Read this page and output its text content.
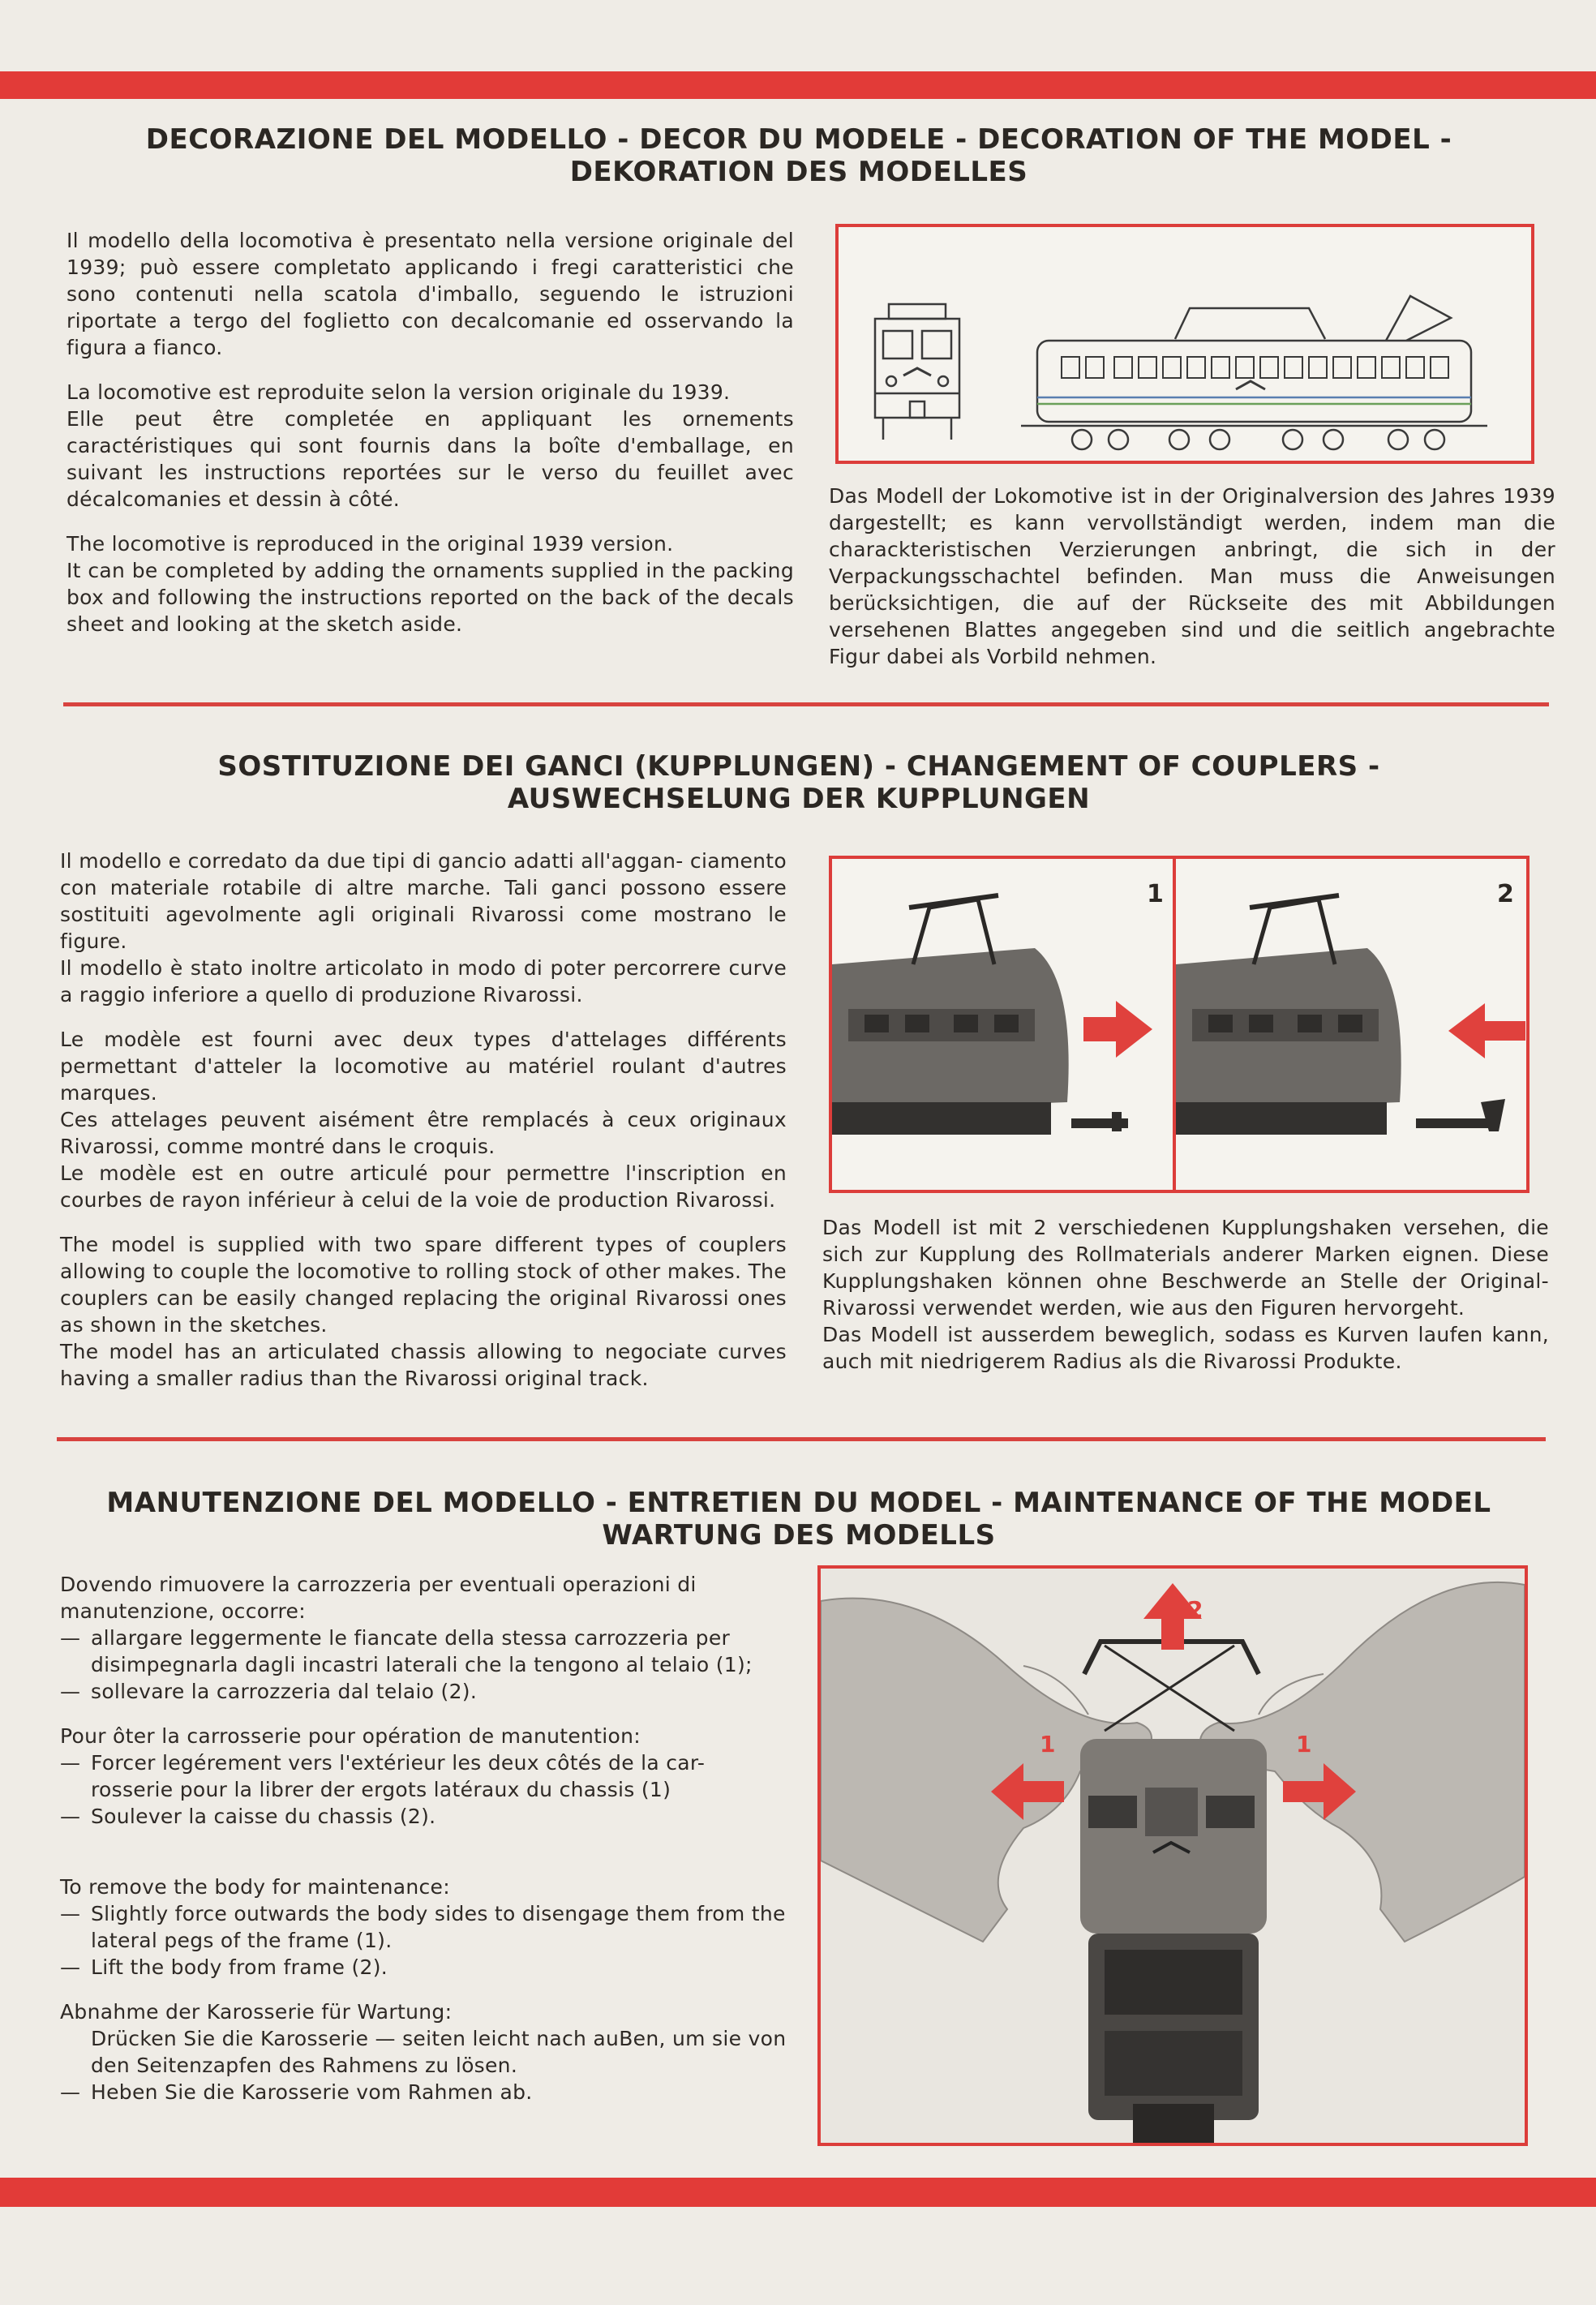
DECORAZIONE DEL MODELLO - DECOR DU MODELE - DECORATION OF THE MODEL -
DEKORATION DES MODELLES

Il modello della locomotiva è presentato nella versione originale del 1939; può essere completato applicando i fregi caratteristici che sono contenuti nella scatola d'imballo, seguendo le istruzioni riportate a tergo del foglietto con decalcomanie ed osservando la figura a fianco.

La locomotive est reproduite selon la version originale du 1939.

Elle peut être completée en appliquant les ornements caractéristiques qui sont fournis dans la boîte d'emballage, en suivant les instructions reportées sur le verso du feuillet avec décalcomanies et dessin à côté.

The locomotive is reproduced in the original 1939 version.

It can be completed by adding the ornaments supplied in the packing box and following the instructions reported on the back of the decals sheet and looking at the sketch aside.

Das Modell der Lokomotive ist in der Originalversion des Jahres 1939 dargestellt; es kann vervollständigt werden, indem man die charackteristischen Verzierungen anbringt, die sich in der Verpackungsschachtel befinden. Man muss die Anweisungen berücksichtigen, die auf der Rückseite des mit Abbildungen versehenen Blattes angegeben sind und die seitlich angebrachte Figur dabei als Vorbild nehmen.
SOSTITUZIONE DEI GANCI (KUPPLUNGEN) - CHANGEMENT OF COUPLERS -
AUSWECHSELUNG DER KUPPLUNGEN

Il modello e corredato da due tipi di gancio adatti all'aggan- ciamento con materiale rotabile di altre marche. Tali ganci possono essere sostituiti agevolmente agli originali Rivarossi come mostrano le figure.

Il modello è stato inoltre articolato in modo di poter percorrere curve a raggio inferiore a quello di produzione Rivarossi.

Le modèle est fourni avec deux types d'attelages différents permettant d'atteler la locomotive au matériel roulant d'autres marques.

Ces attelages peuvent aisément être remplacés à ceux originaux Rivarossi, comme montré dans le croquis.

Le modèle est en outre articulé pour permettre l'inscription en courbes de rayon inférieur à celui de la voie de production Rivarossi.

The model is supplied with two spare different types of couplers allowing to couple the locomotive to rolling stock of other makes. The couplers can be easily changed replacing the original Rivarossi ones as shown in the sketches.

The model has an articulated chassis allowing to negociate curves having a smaller radius than the Rivarossi original track.

1	2

Das Modell ist mit 2 verschiedenen Kupplungshaken versehen, die sich zur Kupplung des Rollmaterials anderer Marken eignen. Diese Kupplungshaken können ohne Beschwerde an Stelle der Original-Rivarossi verwendet werden, wie aus den Figuren hervorgeht.

Das Modell ist ausserdem beweglich, sodass es Kurven laufen kann, auch mit niedrigerem Radius als die Rivarossi Produkte.

MANUTENZIONE DEL MODELLO - ENTRETIEN DU MODEL - MAINTENANCE OF THE MODEL
WARTUNG DES MODELLS

Dovendo rimuovere la carrozzeria per eventuali operazioni di manutenzione, occorre:

— allargare leggermente le fiancate della stessa carrozzeria per disimpegnarla dagli incastri laterali che la tengono al telaio (1);
— sollevare la carrozzeria dal telaio (2).

Pour ôter la carrosserie pour opération de manutention:

— Forcer legérement vers l'extérieur les deux côtés de la car- rosserie pour la librer der ergots latéraux du chassis (1)
— Soulever la caisse du chassis (2).

To remove the body for maintenance:

— Slightly force outwards the body sides to disengage them from the lateral pegs of the frame (1).
— Lift the body from frame (2).

Abnahme der Karosserie für Wartung:

Drücken Sie die Karosserie — seiten leicht nach auBen, um sie von den Seitenzapfen des Rahmens zu lösen.

— Heben Sie die Karosserie vom Rahmen ab.
2
1	1
